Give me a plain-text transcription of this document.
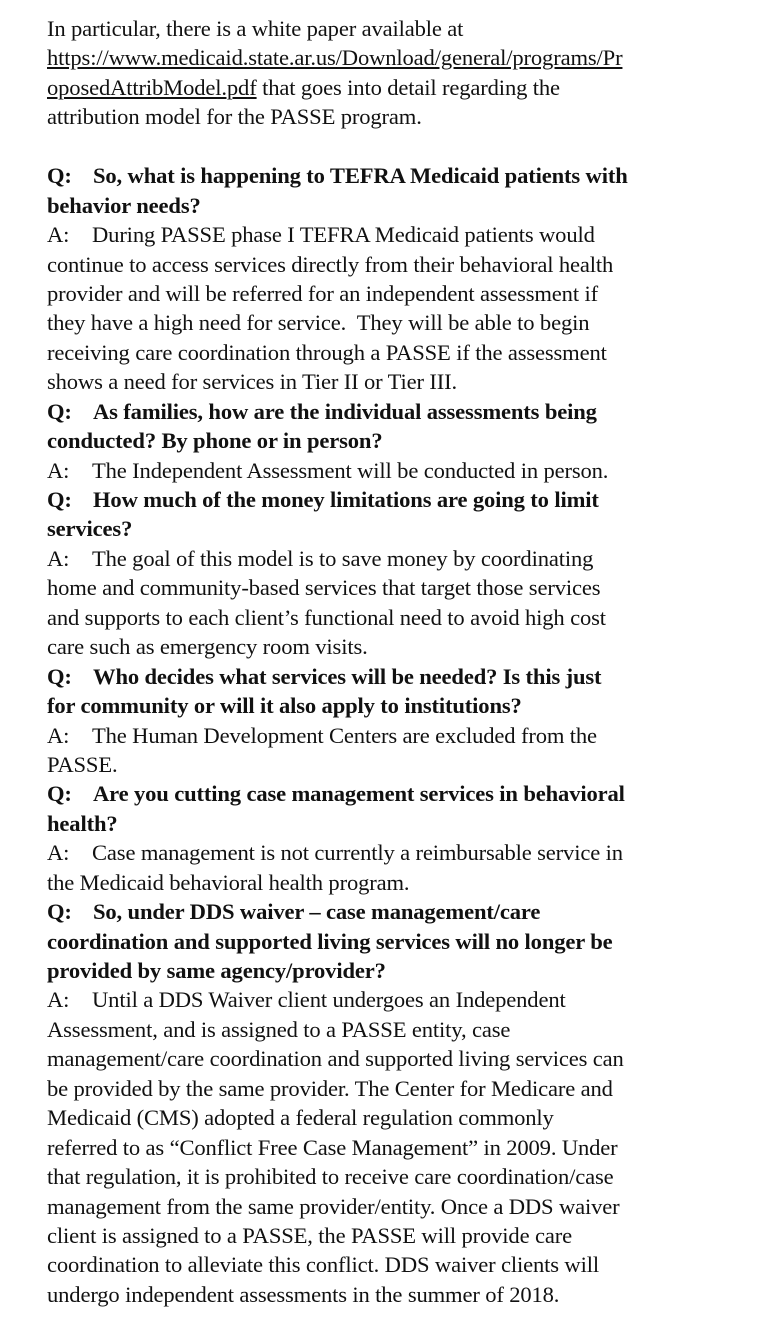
In particular, there is a white paper available at
https://www.medicaid.state.ar.us/Download/general/programs/Pr
oposedAttribModel.pdf that goes into detail regarding the
attribution model for the PASSE program.
Q: So, what is happening to TEFRA Medicaid patients with
behavior needs?
A: During PASSE phase I TEFRA Medicaid patients would
continue to access services directly from their behavioral health
provider and will be referred for an independent assessment if
they have a high need for service.  They will be able to begin
receiving care coordination through a PASSE if the assessment
shows a need for services in Tier II or Tier III.
Q: As families, how are the individual assessments being
conducted? By phone or in person?
A: The Independent Assessment will be conducted in person.
Q: How much of the money limitations are going to limit
services?
A: The goal of this model is to save money by coordinating
home and community-based services that target those services
and supports to each client’s functional need to avoid high cost
care such as emergency room visits.
Q: Who decides what services will be needed? Is this just
for community or will it also apply to institutions?
A: The Human Development Centers are excluded from the
PASSE.
Q: Are you cutting case management services in behavioral
health?
A: Case management is not currently a reimbursable service in
the Medicaid behavioral health program.
Q: So, under DDS waiver – case management/care
coordination and supported living services will no longer be
provided by same agency/provider?
A: Until a DDS Waiver client undergoes an Independent
Assessment, and is assigned to a PASSE entity, case
management/care coordination and supported living services can
be provided by the same provider. The Center for Medicare and
Medicaid (CMS) adopted a federal regulation commonly
referred to as “Conflict Free Case Management” in 2009. Under
that regulation, it is prohibited to receive care coordination/case
management from the same provider/entity. Once a DDS waiver
client is assigned to a PASSE, the PASSE will provide care
coordination to alleviate this conflict. DDS waiver clients will
undergo independent assessments in the summer of 2018.
